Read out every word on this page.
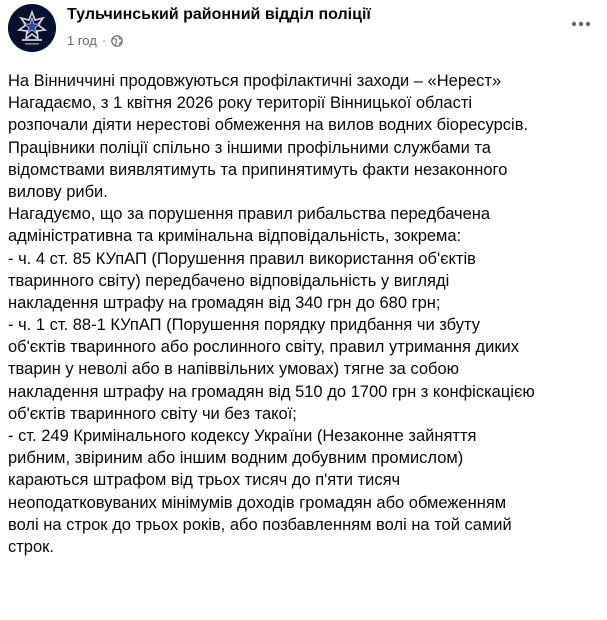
Тульчинський районний відділ поліції
1 год ·
На Вінниччині продовжуються профілактичні заходи – «Нерест»
Нагадаємо, з 1 квітня 2026 року території Вінницької області
розпочали діяти нерестові обмеження на вилов водних біоресурсів.
Працівники поліції спільно з іншими профільними службами та
відомствами виявлятимуть та припинятимуть факти незаконного
вилову риби.
Нагадуємо, що за порушення правил рибальства передбачена
адміністративна та кримінальна відповідальність, зокрема:
- ч. 4 ст. 85 КУпАП (Порушення правил використання об'єктів
тваринного світу) передбачено відповідальність у вигляді
накладення штрафу на громадян від 340 грн до 680 грн;
- ч. 1 ст. 88-1 КУпАП (Порушення порядку придбання чи збуту
об'єктів тваринного або рослинного світу, правил утримання диких
тварин у неволі або в напіввільних умовах) тягне за собою
накладення штрафу на громадян від 510 до 1700 грн з конфіскацією
об'єктів тваринного світу чи без такої;
- ст. 249 Кримінального кодексу України (Незаконне зайняття
рибним, звіриним або іншим водним добувним промислом)
караються штрафом від трьох тисяч до п'яти тисяч
неоподатковуваних мінімумів доходів громадян або обмеженням
волі на строк до трьох років, або позбавленням волі на той самий
строк.
